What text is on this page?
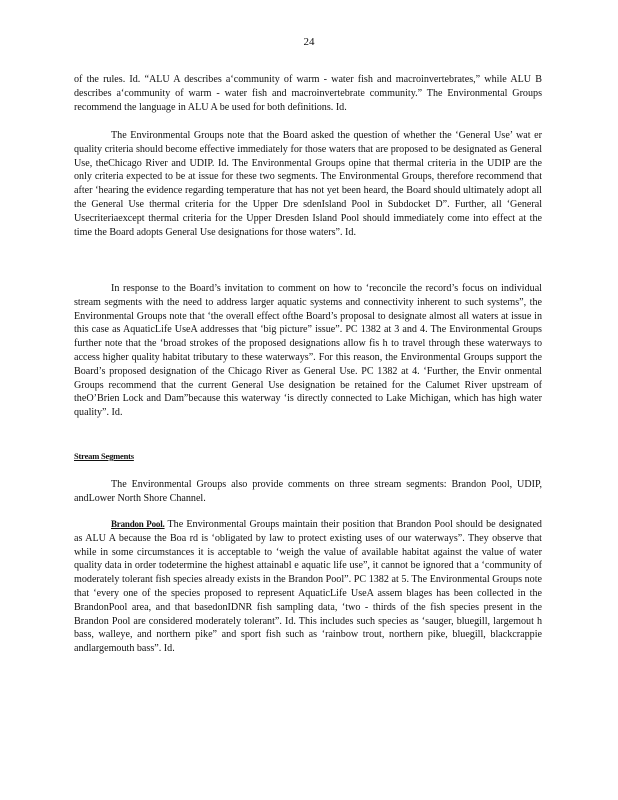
24

of the rules. Id. “ALU A describes a‘community of warm - water fish and macroinvertebrates,” while ALU B describes a‘community of warm - water fish and macroinvertebrate community.” The Environmental Groups recommend the language in ALU A be used for both definitions. Id.

The Environmental Groups note that the Board asked the question of whether the ‘General Use’ wat er quality criteria should become effective immediately for those waters that are proposed to be designated as General Use, theChicago River and UDIP. Id. The Environmental Groups opine that thermal criteria in the UDIP are the only criteria expected to be at issue for these two segments. The Environmental Groups, therefore recommend that after ‘hearing the evidence regarding temperature that has not yet been heard, the Board should ultimately adopt all the General Use thermal criteria for the Upper Dre sdenIsland Pool in Subdocket D”. Further, all ‘General Usecriteriaexcept thermal criteria for the Upper Dresden Island Pool should immediately come into effect at the time the Board adopts General Use designations for those waters”. Id.

In response to the Board’s invitation to comment on how to ‘reconcile the record’s focus on individual stream segments with the need to address larger aquatic systems and connectivity inherent to such systems”, the Environmental Groups note that ‘the overall effect ofthe Board’s proposal to designate almost all waters at issue in this case as AquaticLife UseA addresses that ‘big picture” issue”. PC 1382 at 3 and 4. The Environmental Groups further note that the ‘broad strokes of the proposed designations allow fis h to travel through these waterways to access higher quality habitat tributary to these waterways”. For this reason, the Environmental Groups support the Board’s proposed designation of the Chicago River as General Use. PC 1382 at 4. ‘Further, the Envir onmental Groups recommend that the current General Use designation be retained for the Calumet River upstream of theO’Brien Lock and Dam”because this waterway ‘is directly connected to Lake Michigan, which has high water quality”. Id.

Stream Segments

The Environmental Groups also provide comments on three stream segments: Brandon Pool, UDIP, andLower North Shore Channel.

Brandon Pool. The Environmental Groups maintain their position that Brandon Pool should be designated as ALU A because the Boa rd is ‘obligated by law to protect existing uses of our waterways”. They observe that while in some circumstances it is acceptable to ‘weigh the value of available habitat against the value of water quality data in order todetermine the highest attainabl e aquatic life use”, it cannot be ignored that a ‘community of moderately tolerant fish species already exists in the Brandon Pool”. PC 1382 at 5. The Environmental Groups note that ‘every one of the species proposed to represent AquaticLife UseA assem blages has been collected in the BrandonPool area, and that basedonIDNR fish sampling data, ‘two - thirds of the fish species present in the Brandon Pool are considered moderately tolerant”. Id. This includes such species as ‘sauger, bluegill, largemout h bass, walleye, and northern pike” and sport fish such as ‘rainbow trout, northern pike, bluegill, blackcrappie andlargemouth bass”. Id.
